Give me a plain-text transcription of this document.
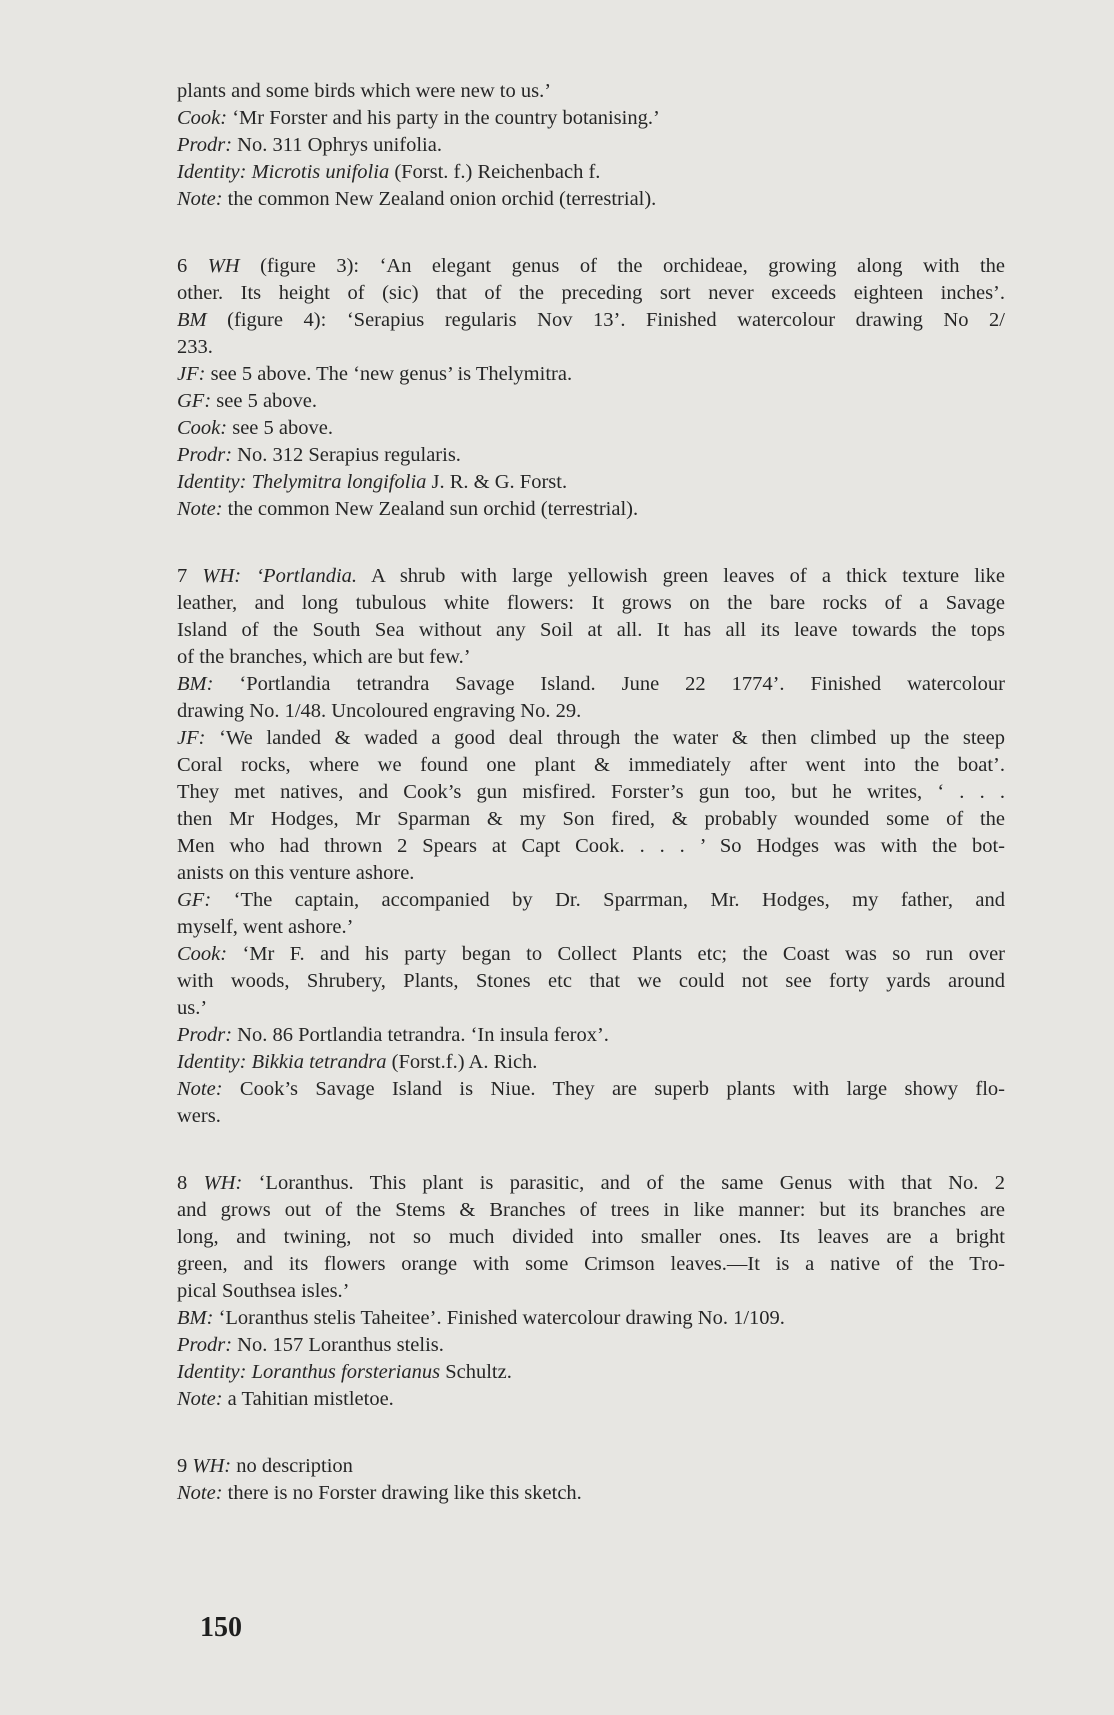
plants and some birds which were new to us.’
Cook: ‘Mr Forster and his party in the country botanising.’
Prodr: No. 311 Ophrys unifolia.
Identity: Microtis unifolia (Forst. f.) Reichenbach f.
Note: the common New Zealand onion orchid (terrestrial).
6 WH (figure 3): ‘An elegant genus of the orchideae, growing along with the
other. Its height of (sic) that of the preceding sort never exceeds eighteen inches’.
BM (figure 4): ‘Serapius regularis Nov 13’. Finished watercolour drawing No 2/
233.
JF: see 5 above. The ‘new genus’ is Thelymitra.
GF: see 5 above.
Cook: see 5 above.
Prodr: No. 312 Serapius regularis.
Identity: Thelymitra longifolia J. R. & G. Forst.
Note: the common New Zealand sun orchid (terrestrial).
7 WH: ‘Portlandia. A shrub with large yellowish green leaves of a thick texture like
leather, and long tubulous white flowers: It grows on the bare rocks of a Savage
Island of the South Sea without any Soil at all. It has all its leave towards the tops
of the branches, which are but few.’
BM: ‘Portlandia tetrandra Savage Island. June 22 1774’. Finished watercolour
drawing No. 1/48. Uncoloured engraving No. 29.
JF: ‘We landed & waded a good deal through the water & then climbed up the steep
Coral rocks, where we found one plant & immediately after went into the boat’.
They met natives, and Cook’s gun misfired. Forster’s gun too, but he writes, ‘ . . .
then Mr Hodges, Mr Sparman & my Son fired, & probably wounded some of the
Men who had thrown 2 Spears at Capt Cook. . . . ’ So Hodges was with the bot-
anists on this venture ashore.
GF: ‘The captain, accompanied by Dr. Sparrman, Mr. Hodges, my father, and
myself, went ashore.’
Cook: ‘Mr F. and his party began to Collect Plants etc; the Coast was so run over
with woods, Shrubery, Plants, Stones etc that we could not see forty yards around
us.’
Prodr: No. 86 Portlandia tetrandra. ‘In insula ferox’.
Identity: Bikkia tetrandra (Forst.f.) A. Rich.
Note: Cook’s Savage Island is Niue. They are superb plants with large showy flo-
wers.
8 WH: ‘Loranthus. This plant is parasitic, and of the same Genus with that No. 2
and grows out of the Stems & Branches of trees in like manner: but its branches are
long, and twining, not so much divided into smaller ones. Its leaves are a bright
green, and its flowers orange with some Crimson leaves.—It is a native of the Tro-
pical Southsea isles.’
BM: ‘Loranthus stelis Taheitee’. Finished watercolour drawing No. 1/109.
Prodr: No. 157 Loranthus stelis.
Identity: Loranthus forsterianus Schultz.
Note: a Tahitian mistletoe.
9 WH: no description
Note: there is no Forster drawing like this sketch.
150
